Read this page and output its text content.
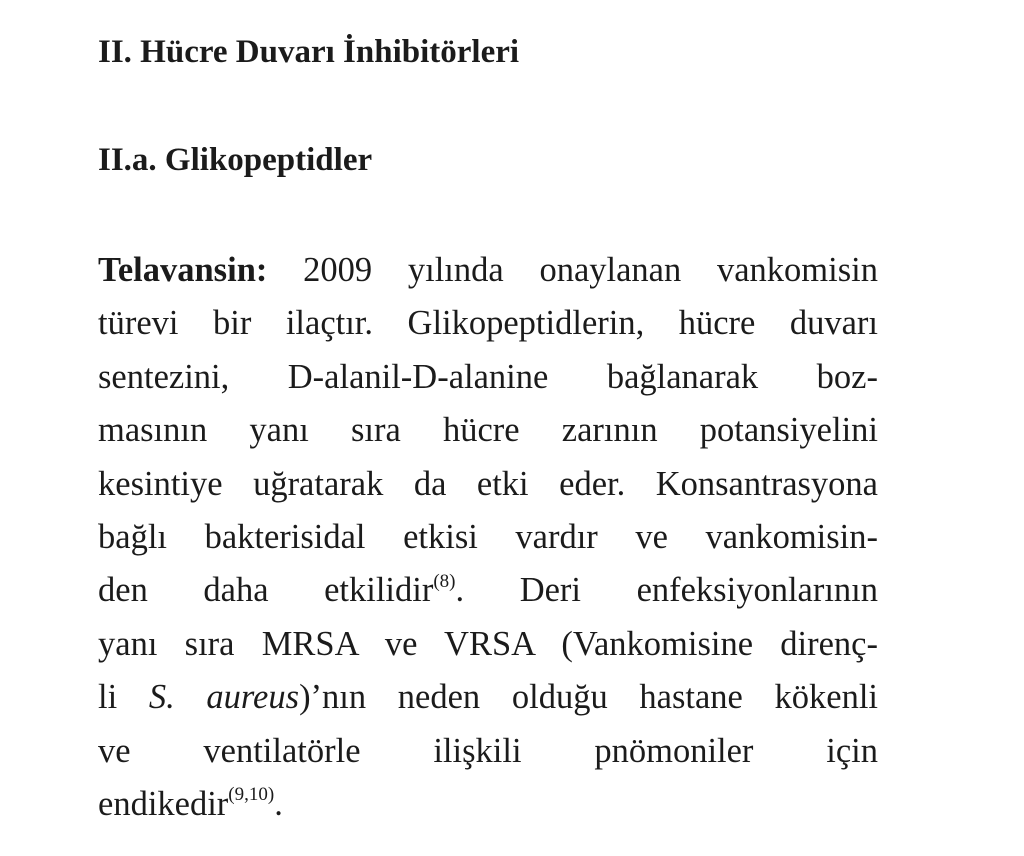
II. Hücre Duvarı İnhibitörleri
II.a. Glikopeptidler
Telavansin: 2009 yılında onaylanan vankomisin
türevi bir ilaçtır. Glikopeptidlerin, hücre duvarı
sentezini, D-alanil-D-alanine bağlanarak boz-
masının yanı sıra hücre zarının potansiyelini
kesintiye uğratarak da etki eder. Konsantrasyona
bağlı bakterisidal etkisi vardır ve vankomisin-
den daha etkilidir$^{(8)}$. Deri enfeksiyonlarının
yanı sıra MRSA ve VRSA (Vankomisine direnç-
li S. aureus)’nın neden olduğu hastane kökenli
ve ventilatörle ilişkili pnömoniler için
endikedir$^{(9,10)}$.
